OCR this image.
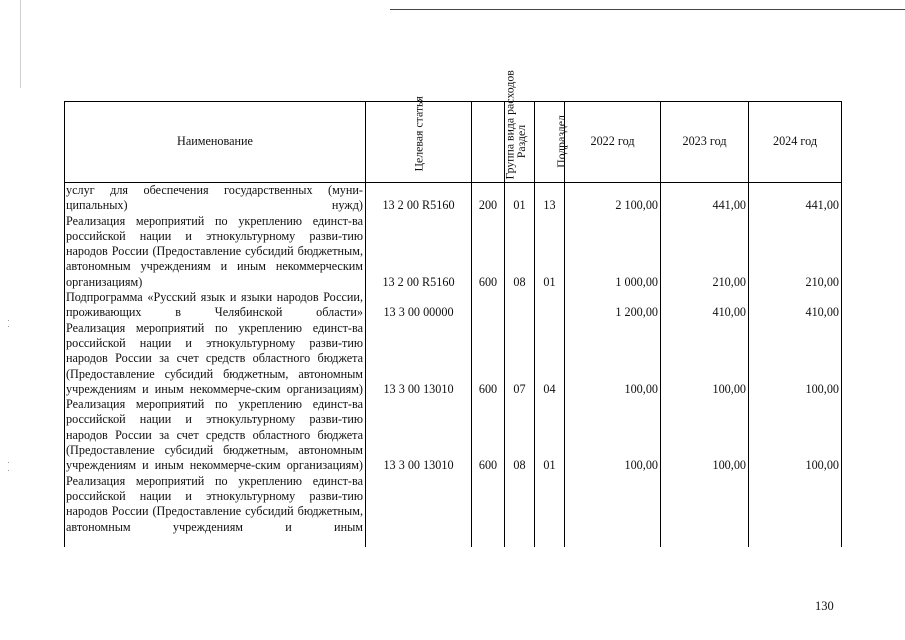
Наименование	Целевая статья	Группа вида расходов	Раздел	Подраздел	2022 год	2023 год	2024 год
услуг для обеспечения государственных (муни-ципальных) нужд)	13 2 00 R5160	200	01	13	2 100,00	441,00	441,00
Реализация мероприятий по укреплению единст-ва российской нации и этнокультурному разви-тию народов России (Предоставление субсидий бюджетным, автономным учреждениям и иным некоммерческим организациям)	13 2 00 R5160	600	08	01	1 000,00	210,00	210,00
Подпрограмма «Русский язык и языки народов России, проживающих в Челябинской области»	13 3 00 00000				1 200,00	410,00	410,00
Реализация мероприятий по укреплению единст-ва российской нации и этнокультурному разви-тию народов России за счет средств областного бюджета (Предоставление субсидий бюджетным, автономным учреждениям и иным некоммерче-ским организациям)	13 3 00 13010	600	07	04	100,00	100,00	100,00
Реализация мероприятий по укреплению единст-ва российской нации и этнокультурному разви-тию народов России за счет средств областного бюджета (Предоставление субсидий бюджетным, автономным учреждениям и иным некоммерче-ским организациям)	13 3 00 13010	600	08	01	100,00	100,00	100,00
Реализация мероприятий по укреплению единст-ва российской нации и этнокультурному разви-тию народов России (Предоставление субсидий бюджетным, автономным учреждениям и иным							
130
